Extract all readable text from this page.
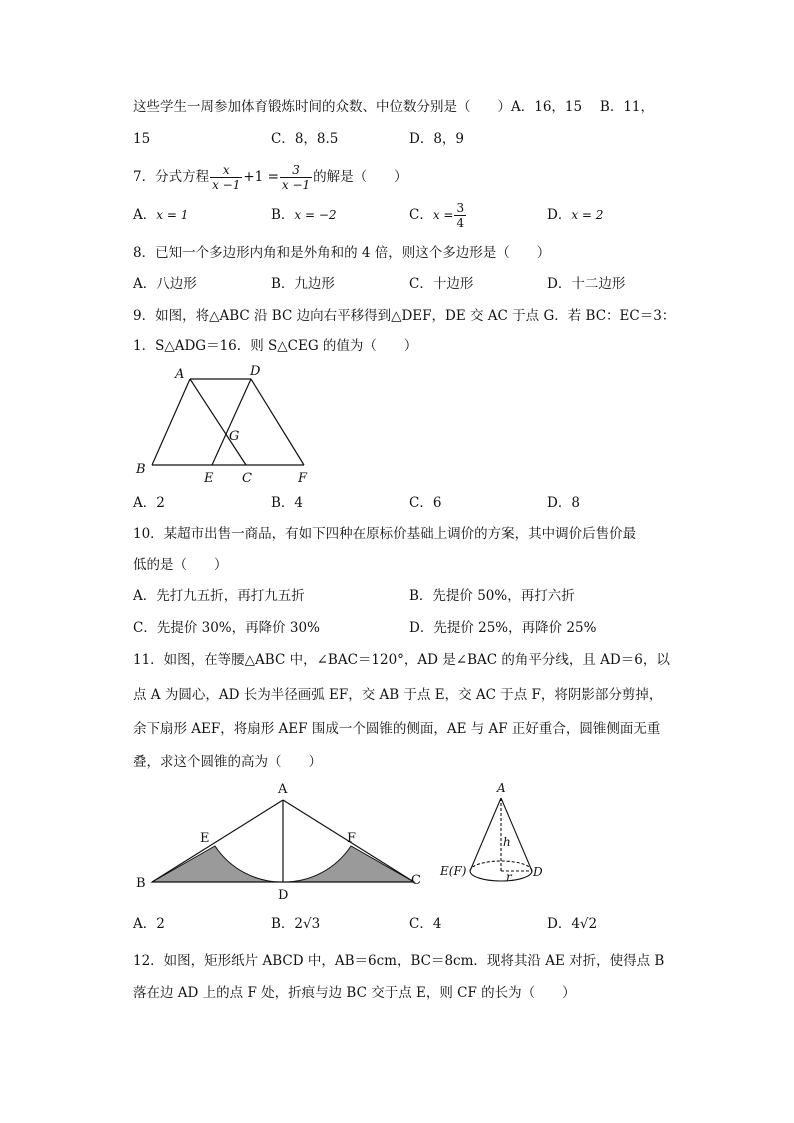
这些学生一周参加体育锻炼时间的众数、中位数分别是（　　）A．16，15　 B．11，
15	C．8，8.5	D．8，9
7．分式方程 $\frac{x}{x -1} +1 = \frac{3}{x -1}$ 的解是（　　）
A．x = 1	B．x = −2	C．$x = \frac{3}{4}$	D．x = 2
8．已知一个多边形内角和是外角和的 4 倍，则这个多边形是（　　）
A．八边形	B．九边形	C．十边形	D．十二边形
9．如图，将△ABC 沿 BC 边向右平移得到△DEF，DE 交 AC 于点 G．若 BC：EC＝3：
1．S△ADG＝16．则 S△CEG 的值为（　　）
A	D
G
B
E C	F
A．2	B．4	C．6	D．8
10．某超市出售一商品，有如下四种在原标价基础上调价的方案，其中调价后售价最
低的是（　　）
A．先打九五折，再打九五折	B．先提价 50%，再打六折
C．先提价 30%，再降价 30%	D．先提价 25%，再降价 25%
11．如图，在等腰△ABC 中，∠BAC＝120°，AD 是∠BAC 的角平分线，且 AD＝6，以
点 A 为圆心，AD 长为半径画弧 EF，交 AB 于点 E，交 AC 于点 F，将阴影部分剪掉，
余下扇形 AEF，将扇形 AEF 围成一个圆锥的侧面，AE 与 AF 正好重合，圆锥侧面无重
叠，求这个圆锥的高为（　　）
A
B	C
D
E	F
A
h
E(F)	r D
A．2	B．2√3	C．4	D．4√2
12．如图，矩形纸片 ABCD 中，AB＝6cm，BC＝8cm．现将其沿 AE 对折，使得点 B
落在边 AD 上的点 F 处，折痕与边 BC 交于点 E，则 CF 的长为（　　）
